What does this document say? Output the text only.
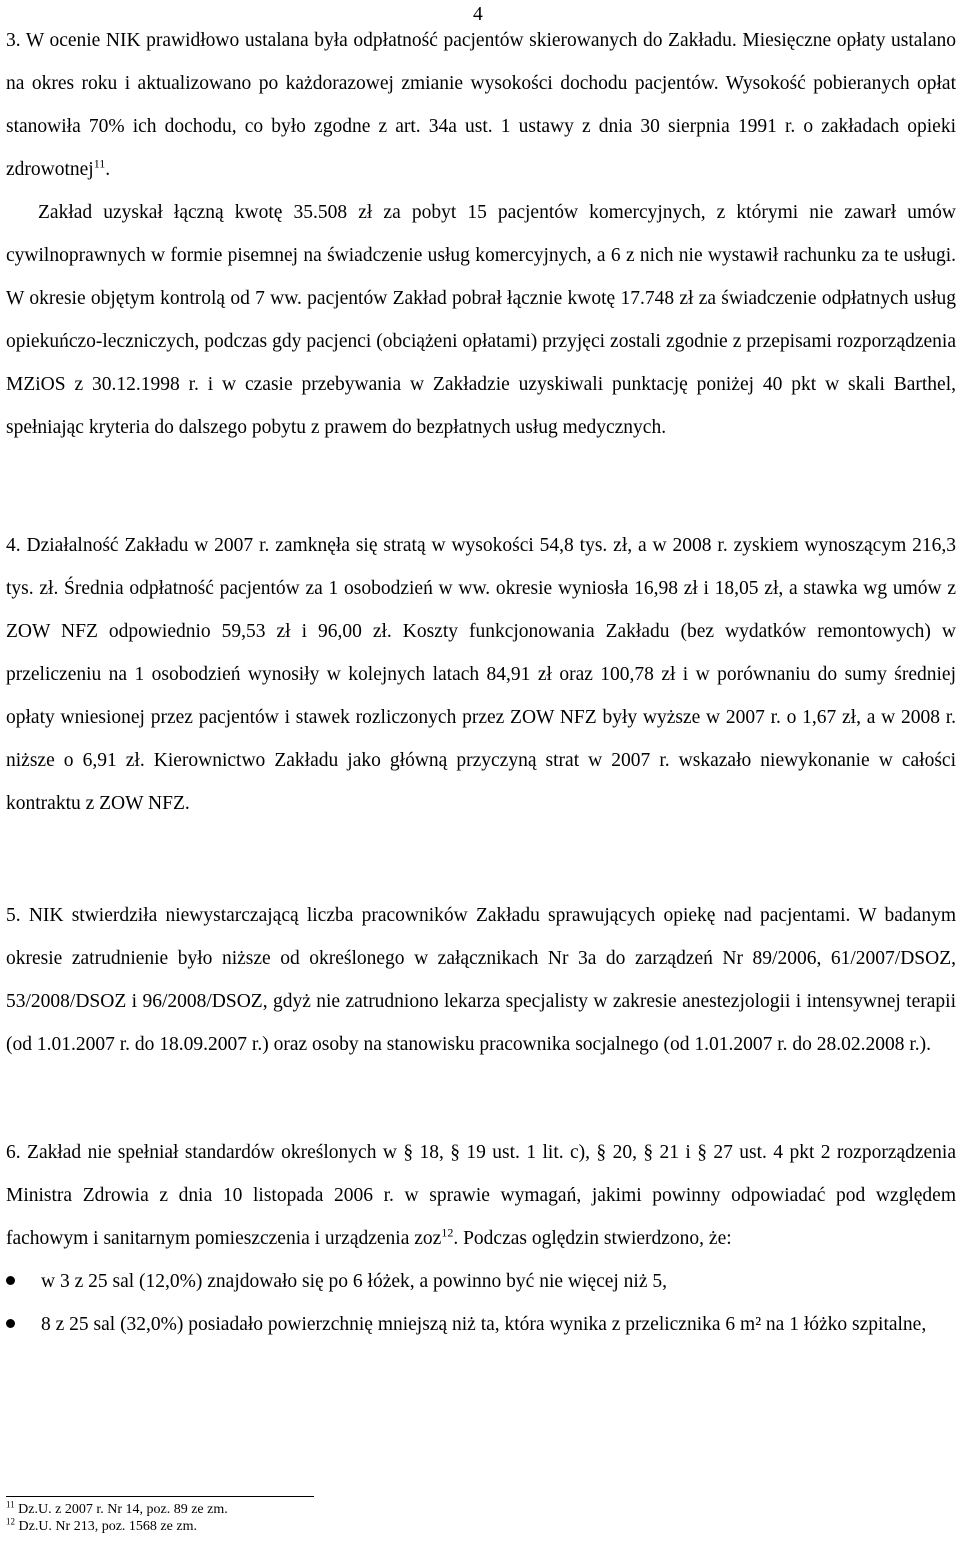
4

3. W ocenie NIK prawidłowo ustalana była odpłatność pacjentów skierowanych do Zakładu. Miesięczne opłaty ustalano na okres roku i aktualizowano po każdorazowej zmianie wysokości dochodu pacjentów. Wysokość pobieranych opłat stanowiła 70% ich dochodu, co było zgodne z art. 34a ust. 1 ustawy z dnia 30 sierpnia 1991 r. o zakładach opieki zdrowotnej$^{11}$.

Zakład uzyskał łączną kwotę 35.508 zł za pobyt 15 pacjentów komercyjnych, z którymi nie zawarł umów cywilnoprawnych w formie pisemnej na świadczenie usług komercyjnych, a 6 z nich nie wystawił rachunku za te usługi. W okresie objętym kontrolą od 7 ww. pacjentów Zakład pobrał łącznie kwotę 17.748 zł za świadczenie odpłatnych usług opiekuńczo-leczniczych, podczas gdy pacjenci (obciążeni opłatami) przyjęci zostali zgodnie z przepisami rozporządzenia MZiOS z 30.12.1998 r. i w czasie przebywania w Zakładzie uzyskiwali punktację poniżej 40 pkt w skali Barthel, spełniając kryteria do dalszego pobytu z prawem do bezpłatnych usług medycznych.

4. Działalność Zakładu w 2007 r. zamknęła się stratą w wysokości 54,8 tys. zł, a w 2008 r. zyskiem wynoszącym 216,3 tys. zł. Średnia odpłatność pacjentów za 1 osobodzień w ww. okresie wyniosła 16,98 zł i 18,05 zł, a stawka wg umów z ZOW NFZ odpowiednio 59,53 zł i 96,00 zł. Koszty funkcjonowania Zakładu (bez wydatków remontowych) w przeliczeniu na 1 osobodzień wynosiły w kolejnych latach 84,91 zł oraz 100,78 zł i w porównaniu do sumy średniej opłaty wniesionej przez pacjentów i stawek rozliczonych przez ZOW NFZ były wyższe w 2007 r. o 1,67 zł, a w 2008 r. niższe o 6,91 zł. Kierownictwo Zakładu jako główną przyczyną strat w 2007 r. wskazało niewykonanie w całości kontraktu z ZOW NFZ.

5. NIK stwierdziła niewystarczającą liczba pracowników Zakładu sprawujących opiekę nad pacjentami. W badanym okresie zatrudnienie było niższe od określonego w załącznikach Nr 3a do zarządzeń Nr 89/2006, 61/2007/DSOZ, 53/2008/DSOZ i 96/2008/DSOZ, gdyż nie zatrudniono lekarza specjalisty w zakresie anestezjologii i intensywnej terapii (od 1.01.2007 r. do 18.09.2007 r.) oraz osoby na stanowisku pracownika socjalnego (od 1.01.2007 r. do 28.02.2008 r.).

6. Zakład nie spełniał standardów określonych w § 18, § 19 ust. 1 lit. c), § 20, § 21 i § 27 ust. 4 pkt 2 rozporządzenia Ministra Zdrowia z dnia 10 listopada 2006 r. w sprawie wymagań, jakimi powinny odpowiadać pod względem fachowym i sanitarnym pomieszczenia i urządzenia zoz$^{12}$. Podczas oględzin stwierdzono, że:

w 3 z 25 sal (12,0%) znajdowało się po 6 łóżek, a powinno być nie więcej niż 5,
8 z 25 sal (32,0%) posiadało powierzchnię mniejszą niż ta, która wynika z przelicznika 6 m² na 1 łóżko szpitalne,
$^{11}$ Dz.U. z 2007 r. Nr 14, poz. 89 ze zm.
$^{12}$ Dz.U. Nr 213, poz. 1568 ze zm.
